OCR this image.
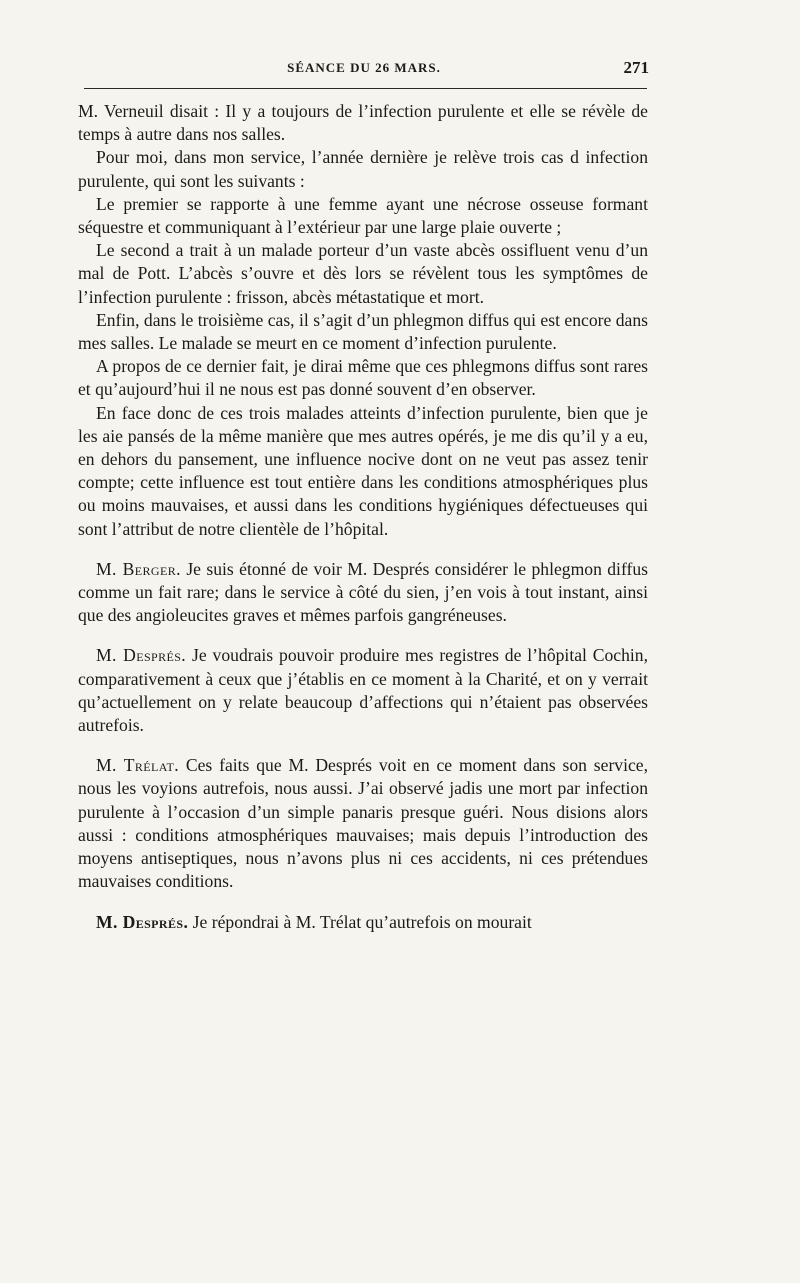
SÉANCE DU 26 MARS.	271

M. Verneuil disait : Il y a toujours de l’infection purulente et elle se révèle de temps à autre dans nos salles.

Pour moi, dans mon service, l’année dernière je relève trois cas d infection purulente, qui sont les suivants :

Le premier se rapporte à une femme ayant une nécrose osseuse formant séquestre et communiquant à l’extérieur par une large plaie ouverte ;

Le second a trait à un malade porteur d’un vaste abcès ossifluent venu d’un mal de Pott. L’abcès s’ouvre et dès lors se révèlent tous les symptômes de l’infection purulente : frisson, abcès métastatique et mort.

Enfin, dans le troisième cas, il s’agit d’un phlegmon diffus qui est encore dans mes salles. Le malade se meurt en ce moment d’infection purulente.

A propos de ce dernier fait, je dirai même que ces phlegmons diffus sont rares et qu’aujourd’hui il ne nous est pas donné souvent d’en observer.

En face donc de ces trois malades atteints d’infection purulente, bien que je les aie pansés de la même manière que mes autres opérés, je me dis qu’il y a eu, en dehors du pansement, une influence nocive dont on ne veut pas assez tenir compte; cette influence est tout entière dans les conditions atmosphériques plus ou moins mauvaises, et aussi dans les conditions hygiéniques défectueuses qui sont l’attribut de notre clientèle de l’hôpital.

M. Berger. Je suis étonné de voir M. Després considérer le phlegmon diffus comme un fait rare; dans le service à côté du sien, j’en vois à tout instant, ainsi que des angioleucites graves et mêmes parfois gangréneuses.

M. Després. Je voudrais pouvoir produire mes registres de l’hôpital Cochin, comparativement à ceux que j’établis en ce moment à la Charité, et on y verrait qu’actuellement on y relate beaucoup d’affections qui n’étaient pas observées autrefois.

M. Trélat. Ces faits que M. Després voit en ce moment dans son service, nous les voyions autrefois, nous aussi. J’ai observé jadis une mort par infection purulente à l’occasion d’un simple panaris presque guéri. Nous disions alors aussi : conditions atmosphériques mauvaises; mais depuis l’introduction des moyens antiseptiques, nous n’avons plus ni ces accidents, ni ces prétendues mauvaises conditions.

M. Després. Je répondrai à M. Trélat qu’autrefois on mourait
